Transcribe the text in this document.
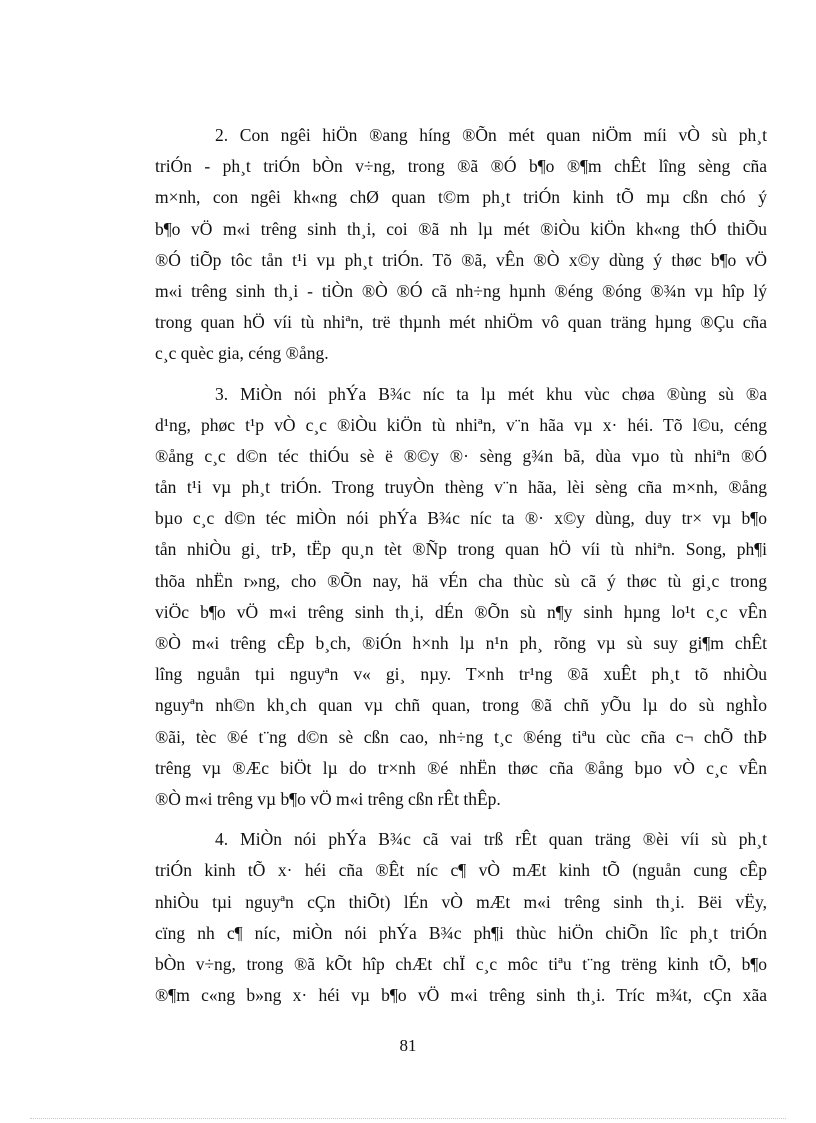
2. Con ngêi hiÖn ®ang híng ®Õn mét quan niÖm míi vÒ sù ph¸t
triÓn - ph¸t triÓn bÒn v÷ng, trong ®ã ®Ó b¶o ®¶m chÊt lîng sèng cña
m×nh, con ngêi kh«ng chØ quan t©m ph¸t triÓn kinh tÕ mµ cßn chó ý
b¶o vÖ m«i trêng sinh th¸i, coi ®ã nh lµ mét ®iÒu kiÖn kh«ng thÓ thiÕu
®Ó tiÕp tôc tån t¹i vµ ph¸t triÓn. Tõ ®ã, vÊn ®Ò x©y dùng ý thøc b¶o vÖ
m«i trêng sinh th¸i - tiÒn ®Ò ®Ó cã nh÷ng hµnh ®éng ®óng ®¾n vµ hîp lý
trong quan hÖ víi tù nhiªn, trë thµnh mét nhiÖm vô quan träng hµng ®Çu cña
c¸c quèc gia, céng ®ång.

3. MiÒn nói phÝa B¾c níc ta lµ mét khu vùc chøa ®ùng sù ®a
d¹ng, phøc t¹p vÒ c¸c ®iÒu kiÖn tù nhiªn, v¨n hãa vµ x· héi. Tõ l©u, céng
®ång c¸c d©n téc thiÓu sè ë ®©y ®· sèng g¾n bã, dùa vµo tù nhiªn ®Ó
tån t¹i vµ ph¸t triÓn. Trong truyÒn thèng v¨n hãa, lèi sèng cña m×nh, ®ång
bµo c¸c d©n téc miÒn nói phÝa B¾c níc ta ®· x©y dùng, duy tr× vµ b¶o
tån nhiÒu gi¸ trÞ, tËp qu¸n tèt ®Ñp trong quan hÖ víi tù nhiªn. Song, ph¶i
thõa nhËn r»ng, cho ®Õn nay, hä vÉn cha thùc sù cã ý thøc tù gi¸c trong
viÖc b¶o vÖ m«i trêng sinh th¸i, dÉn ®Õn sù n¶y sinh hµng lo¹t c¸c vÊn
®Ò m«i trêng cÊp b¸ch, ®iÓn h×nh lµ n¹n ph¸ rõng vµ sù suy gi¶m chÊt
lîng nguån tµi nguyªn v« gi¸ nµy. T×nh tr¹ng ®ã xuÊt ph¸t tõ nhiÒu
nguyªn nh©n kh¸ch quan vµ chñ quan, trong ®ã chñ yÕu lµ do sù nghÌo
®ãi, tèc ®é t¨ng d©n sè cßn cao, nh÷ng t¸c ®éng tiªu cùc cña c¬ chÕ thÞ
trêng vµ ®Æc biÖt lµ do tr×nh ®é nhËn thøc cña ®ång bµo vÒ c¸c vÊn
®Ò m«i trêng vµ b¶o vÖ m«i trêng cßn rÊt thÊp.

4. MiÒn nói phÝa B¾c cã vai trß rÊt quan träng ®èi víi sù ph¸t
triÓn kinh tÕ x· héi cña ®Êt níc c¶ vÒ mÆt kinh tÕ (nguån cung cÊp
nhiÒu tµi nguyªn cÇn thiÕt) lÉn vÒ mÆt m«i trêng sinh th¸i. Bëi vËy,
cïng nh c¶ níc, miÒn nói phÝa B¾c ph¶i thùc hiÖn chiÕn lîc ph¸t triÓn
bÒn v÷ng, trong ®ã kÕt hîp chÆt chÏ c¸c môc tiªu t¨ng trëng kinh tÕ, b¶o
®¶m c«ng b»ng x· héi vµ b¶o vÖ m«i trêng sinh th¸i. Tríc m¾t, cÇn xãa

81
